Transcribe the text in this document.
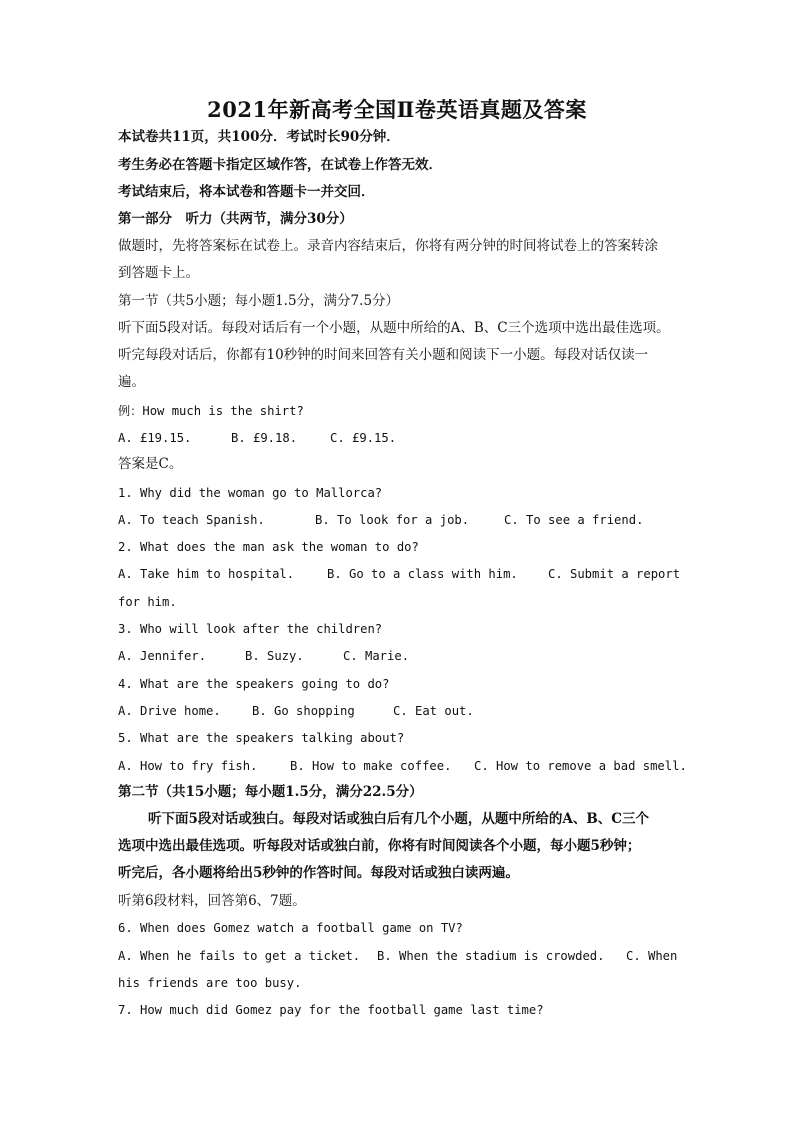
2021年新高考全国Ⅱ卷英语真题及答案
本试卷共11页，共100分．考试时长90分钟．
考生务必在答题卡指定区域作答，在试卷上作答无效．
考试结束后，将本试卷和答题卡一并交回．
第一部分　听力（共两节，满分30分）
做题时，先将答案标在试卷上。录音内容结束后，你将有两分钟的时间将试卷上的答案转涂
到答题卡上。
第一节（共5小题；每小题1.5分，满分7.5分）
听下面5段对话。每段对话后有一个小题，从题中所给的A、B、C三个选项中选出最佳选项。
听完每段对话后，你都有10秒钟的时间来回答有关小题和阅读下一小题。每段对话仅读一
遍。
例：How much is the shirt?
A. £19.15.	B. £9.18.	C. £9.15.
答案是C。
1. Why did the woman go to Mallorca?
A. To teach Spanish.	B. To look for a job.	C. To see a friend.
2. What does the man ask the woman to do?
A. Take him to hospital.	B. Go to a class with him. C. Submit a report
for him.
3. Who will look after the children?
A. Jennifer.	B. Suzy.	C. Marie.
4. What are the speakers going to do?
A. Drive home.	B. Go shopping	C. Eat out.
5. What are the speakers talking about?
A. How to fry fish.	B. How to make coffee. C. How to remove a bad smell.
第二节（共15小题；每小题1.5分，满分22.5分）
听下面5段对话或独白。每段对话或独白后有几个小题，从题中所给的A、B、C三个
选项中选出最佳选项。听每段对话或独白前，你将有时间阅读各个小题，每小题5秒钟；
听完后，各小题将给出5秒钟的作答时间。每段对话或独白读两遍。
听第6段材料，回答第6、7题。
6. When does Gomez watch a football game on TV?
A. When he fails to get a ticket. B. When the stadium is crowded. C. When
his friends are too busy.
7. How much did Gomez pay for the football game last time?
